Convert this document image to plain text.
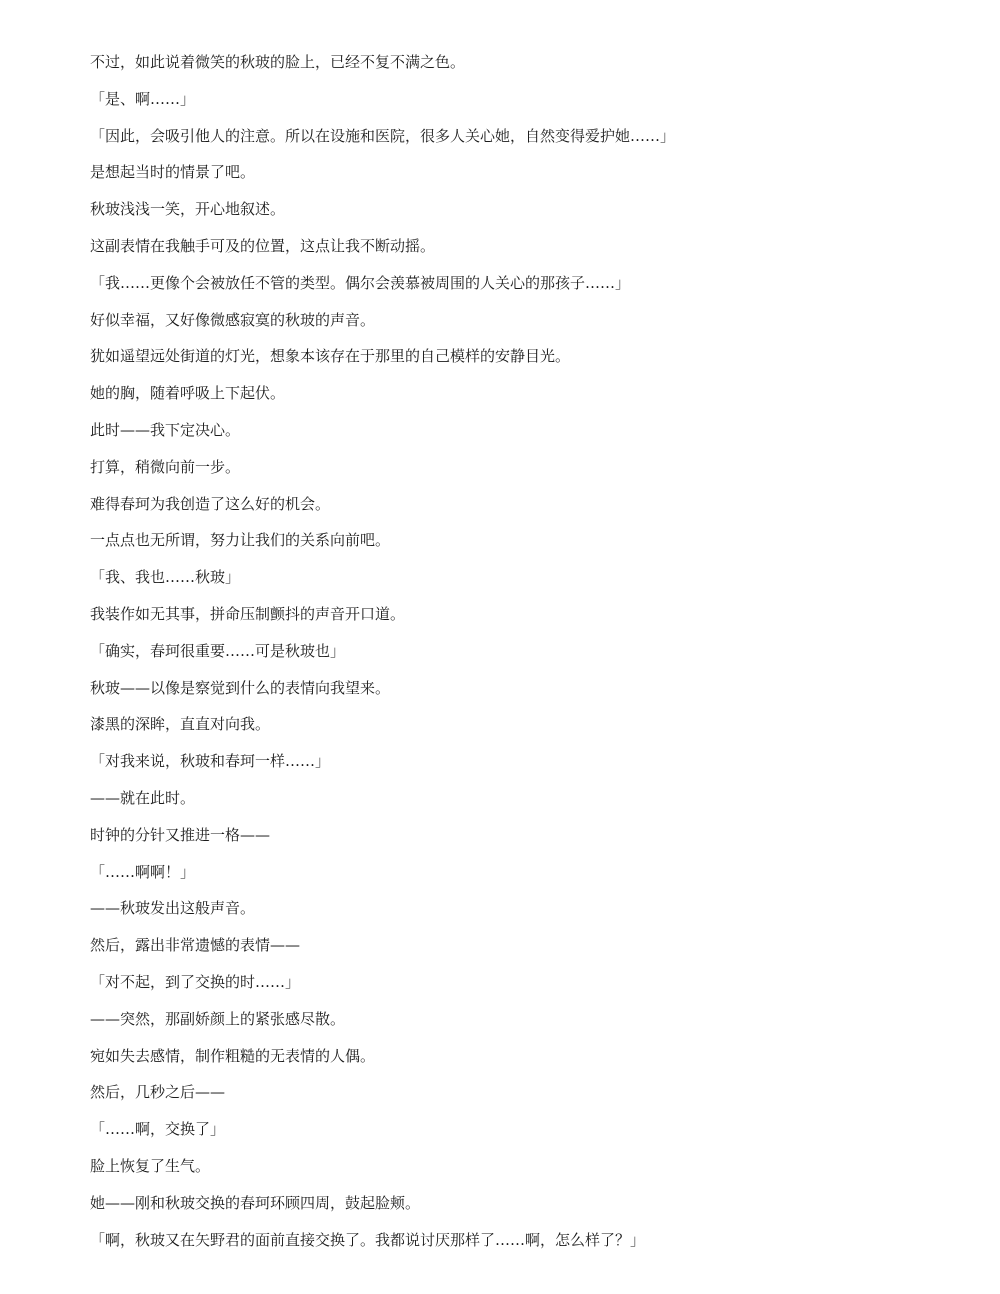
不过，如此说着微笑的秋玻的脸上，已经不复不满之色。

「是、啊……」

「因此，会吸引他人的注意。所以在设施和医院，很多人关心她，自然变得爱护她……」

是想起当时的情景了吧。

秋玻浅浅一笑，开心地叙述。

这副表情在我触手可及的位置，这点让我不断动摇。

「我……更像个会被放任不管的类型。偶尔会羡慕被周围的人关心的那孩子……」

好似幸福，又好像微感寂寞的秋玻的声音。

犹如遥望远处街道的灯光，想象本该存在于那里的自己模样的安静目光。

她的胸，随着呼吸上下起伏。

此时——我下定决心。

打算，稍微向前一步。

难得春珂为我创造了这么好的机会。

一点点也无所谓，努力让我们的关系向前吧。

「我、我也……秋玻」

我装作如无其事，拼命压制颤抖的声音开口道。

「确实，春珂很重要……可是秋玻也」

秋玻——以像是察觉到什么的表情向我望来。

漆黑的深眸，直直对向我。

「对我来说，秋玻和春珂一样……」

——就在此时。

时钟的分针又推进一格——

「……啊啊！」

——秋玻发出这般声音。

然后，露出非常遗憾的表情——

「对不起，到了交换的时……」

——突然，那副娇颜上的紧张感尽散。

宛如失去感情，制作粗糙的无表情的人偶。

然后，几秒之后——

「……啊，交换了」

脸上恢复了生气。

她——刚和秋玻交换的春珂环顾四周，鼓起脸颊。

「啊，秋玻又在矢野君的面前直接交换了。我都说讨厌那样了……啊，怎么样了？」
